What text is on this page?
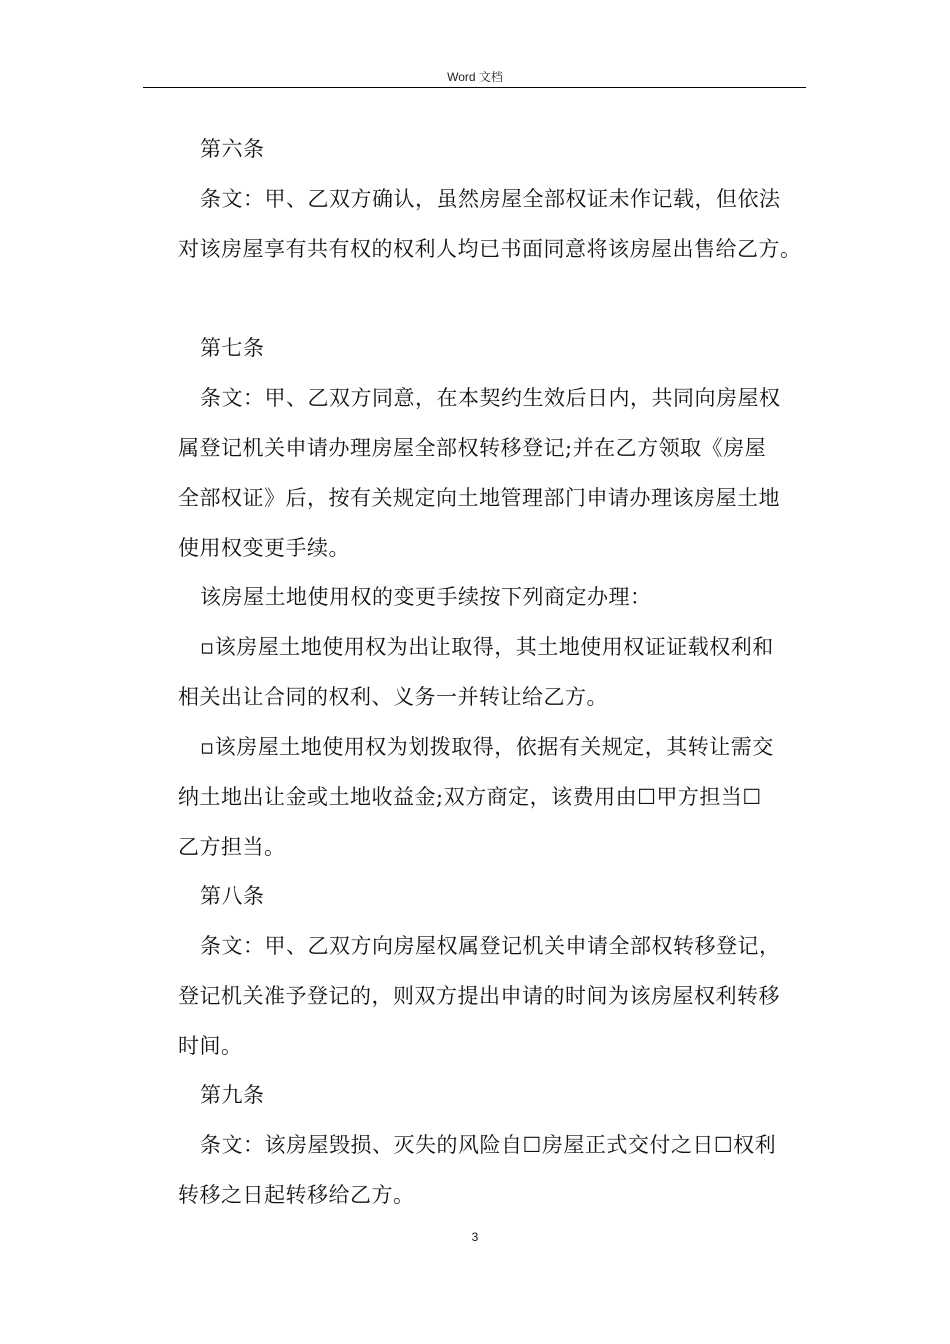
Word 文档
第六条
条文：甲、乙双方确认，虽然房屋全部权证未作记载，但依法
对该房屋享有共有权的权利人均已书面同意将该房屋出售给乙方。
第七条
条文：甲、乙双方同意，在本契约生效后日内，共同向房屋权
属登记机关申请办理房屋全部权转移登记;并在乙方领取《房屋
全部权证》后，按有关规定向土地管理部门申请办理该房屋土地
使用权变更手续。
该房屋土地使用权的变更手续按下列商定办理：
▫该房屋土地使用权为出让取得，其土地使用权证证载权利和
相关出让合同的权利、义务一并转让给乙方。
▫该房屋土地使用权为划拨取得，依据有关规定，其转让需交
纳土地出让金或土地收益金;双方商定，该费用由☐甲方担当☐
乙方担当。
第八条
条文：甲、乙双方向房屋权属登记机关申请全部权转移登记，
登记机关准予登记的，则双方提出申请的时间为该房屋权利转移
时间。
第九条
条文：该房屋毁损、灭失的风险自☐房屋正式交付之日☐权利
转移之日起转移给乙方。
3
